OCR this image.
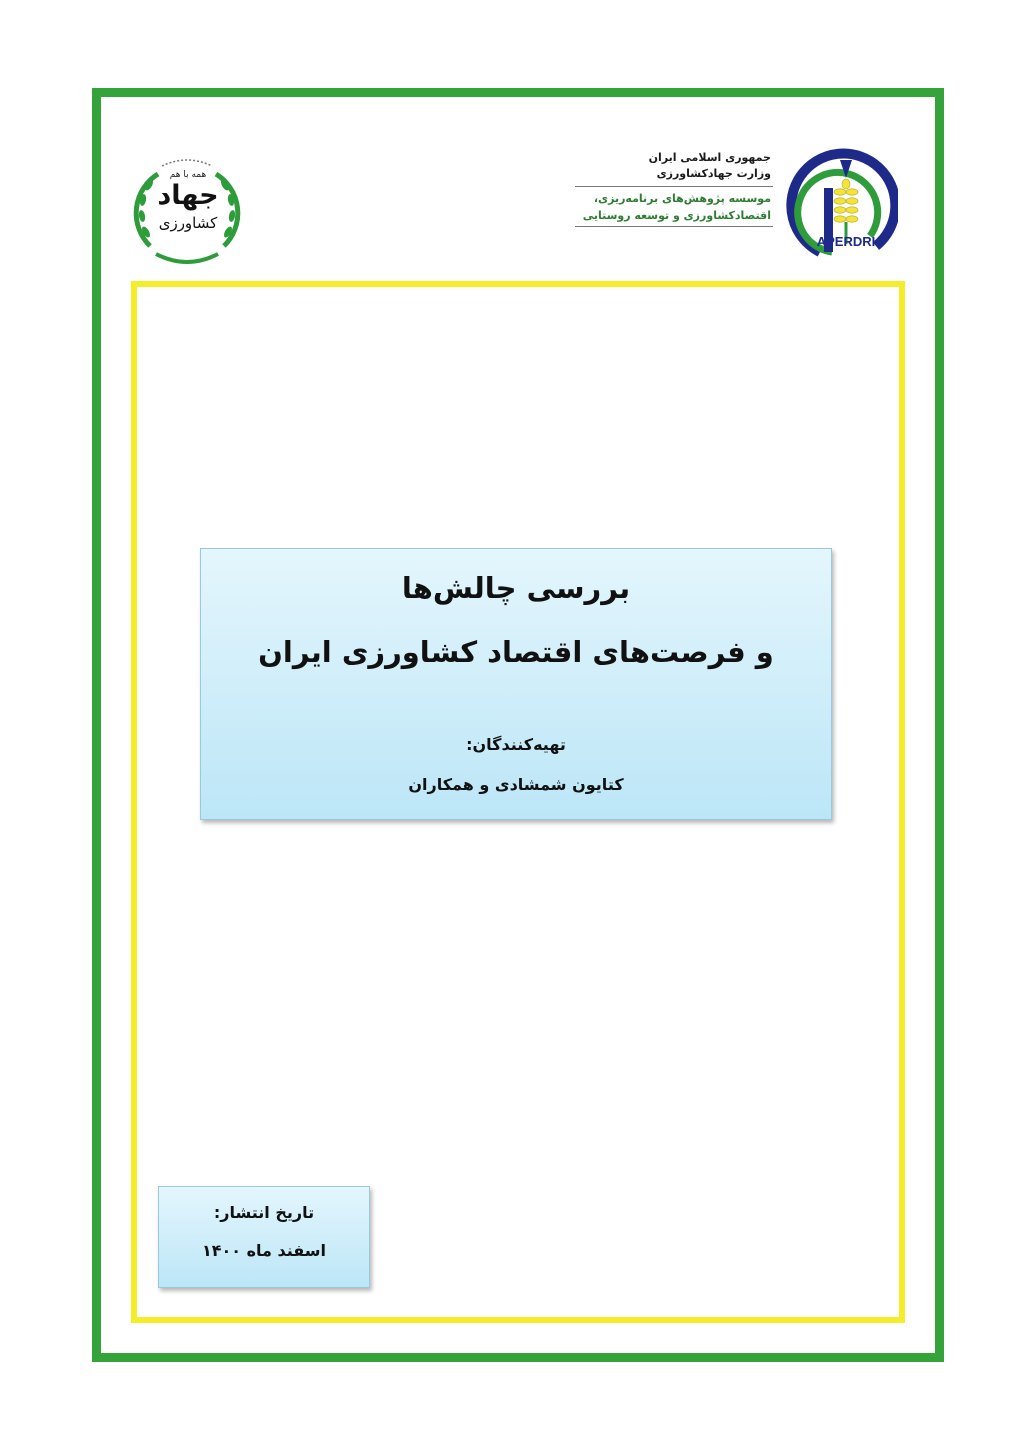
APERDRI
جمهوری اسلامی ایران
وزارت جهادکشاورزی
موسسه پژوهش‌های برنامه‌ریزی،
اقتصادکشاورزی و توسعه روستایی
همه با هم
جهاد
کشاورزی
بررسی چالش‌ها
و فرصت‌های اقتصاد کشاورزی ایران
تهیه‌کنندگان:
کتایون شمشادی و همکاران
تاریخ انتشار:
اسفند ماه ۱۴۰۰
